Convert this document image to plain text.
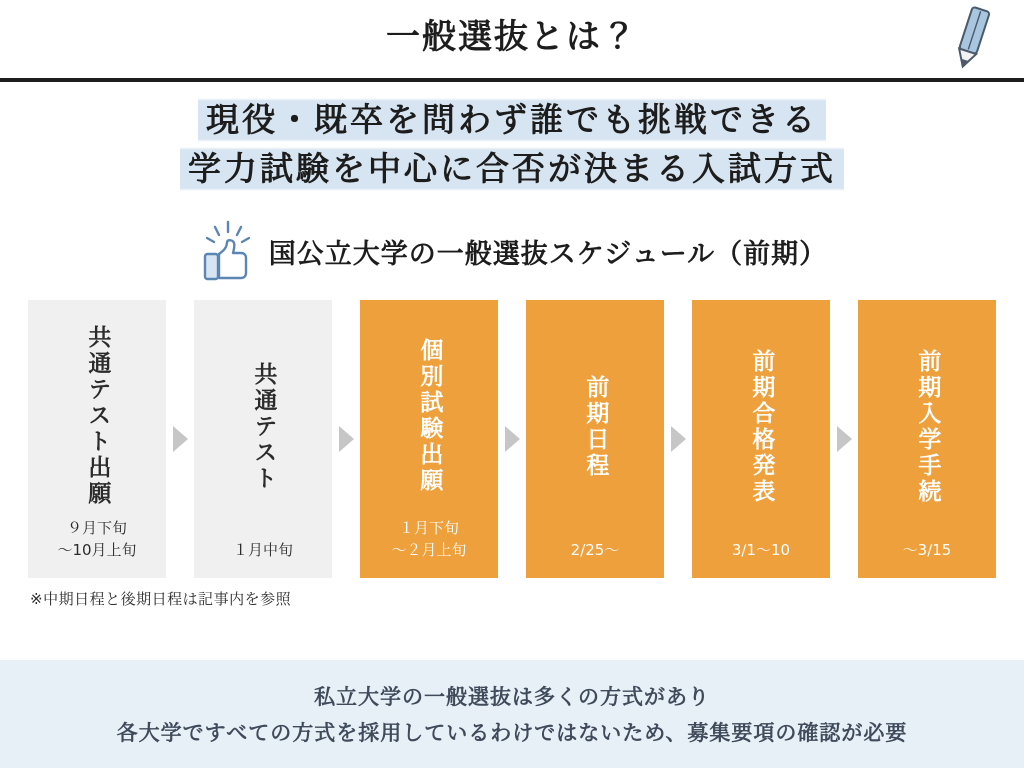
一般選抜とは？
現役・既卒を問わず誰でも挑戦できる
学力試験を中心に合否が決まる入試方式
国公立大学の一般選抜スケジュール（前期）
共通テスト出願
９月下旬
〜10月上旬
共通テスト
１月中旬
個別試験出願
１月下旬
〜２月上旬
前期日程
2/25〜
前期合格発表
3/1〜10
前期入学手続
〜3/15
※中期日程と後期日程は記事内を参照
私立大学の一般選抜は多くの方式があり
各大学ですべての方式を採用しているわけではないため、募集要項の確認が必要
